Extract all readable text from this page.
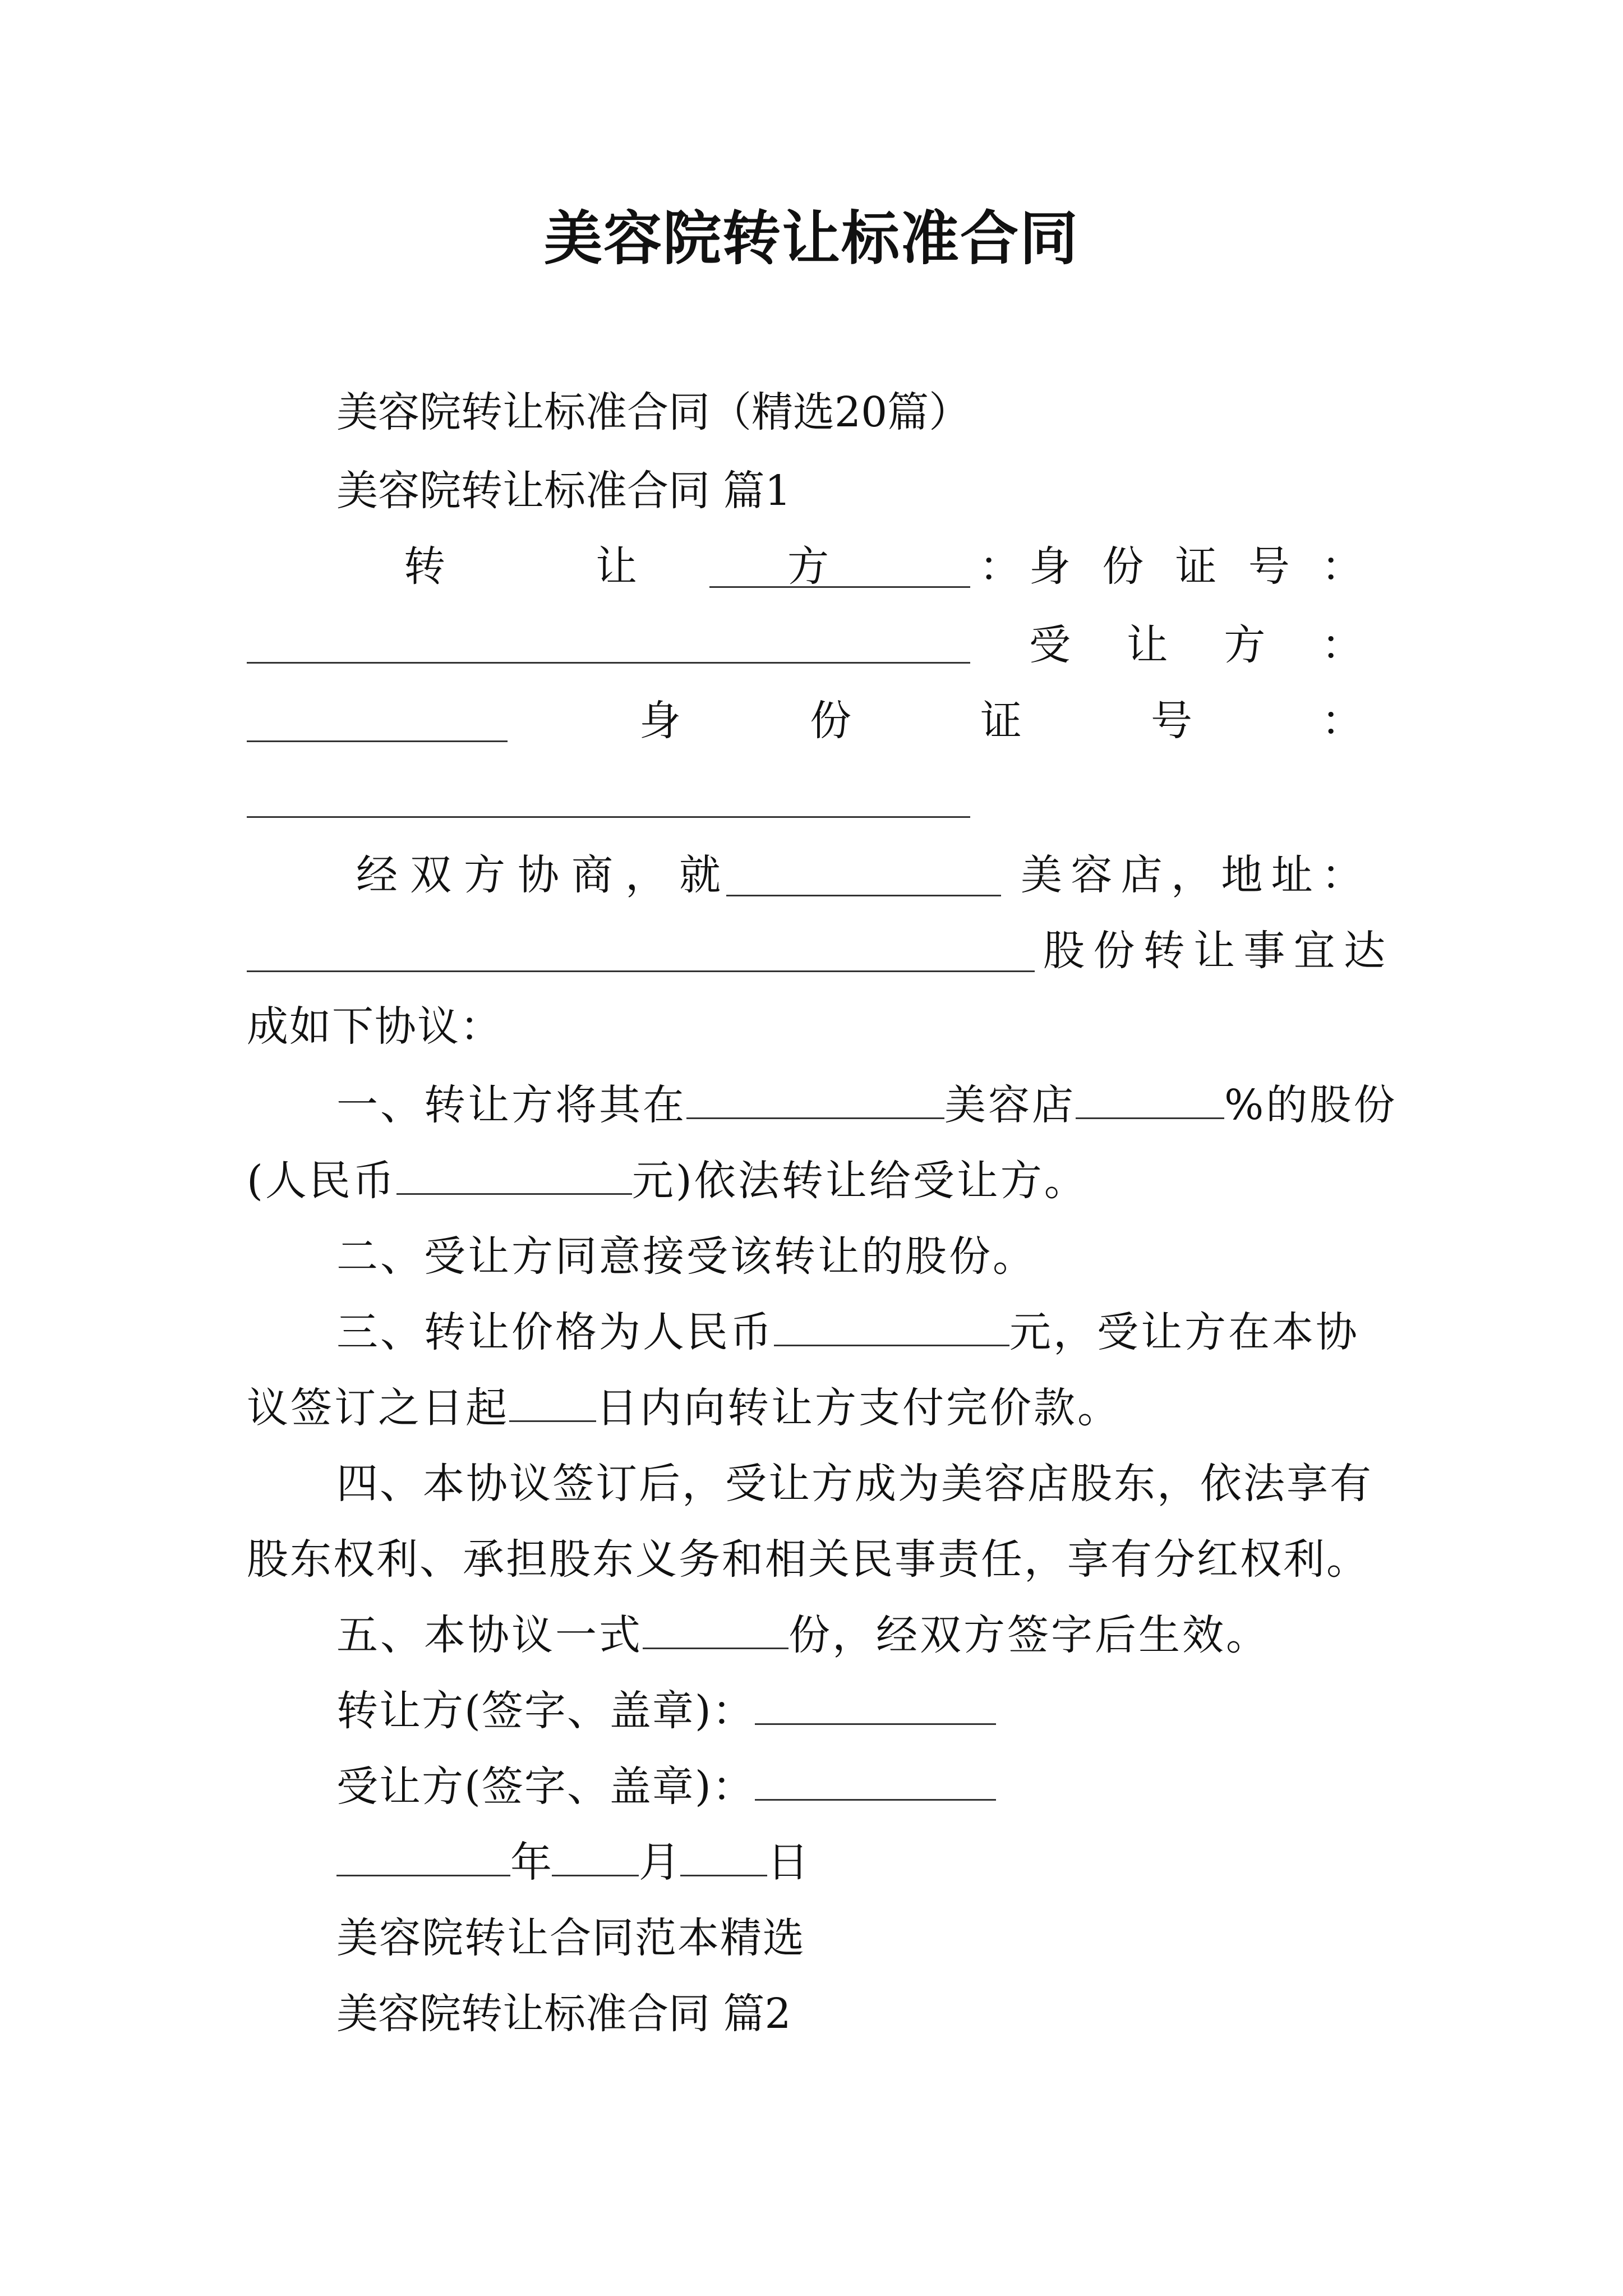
美容院转让标准合同
美容院转让标准合同（精选20篇）
美容院转让标准合同 篇1
转	让	方	： 身 份 证 号 ：
受 让 方 ：
身	份	证	号	：
经 双 方 协 商 ， 就	美 容 店 ， 地 址 ：
股 份 转 让 事 宜 达
成如下协议：
一、转让方将其在	美容店	%的股份
(人民币	元)依法转让给受让方。
二、受让方同意接受该转让的股份。
三、转让价格为人民币	元，受让方在本协
议签订之日起 日内向转让方支付完价款。
四、本协议签订后，受让方成为美容店股东，依法享有
股东权利、承担股东义务和相关民事责任，享有分红权利。
五、本协议一式	份，经双方签字后生效。
转让方(签字、盖章)：
受让方(签字、盖章)：
年 月 日
美容院转让合同范本精选
美容院转让标准合同 篇2
